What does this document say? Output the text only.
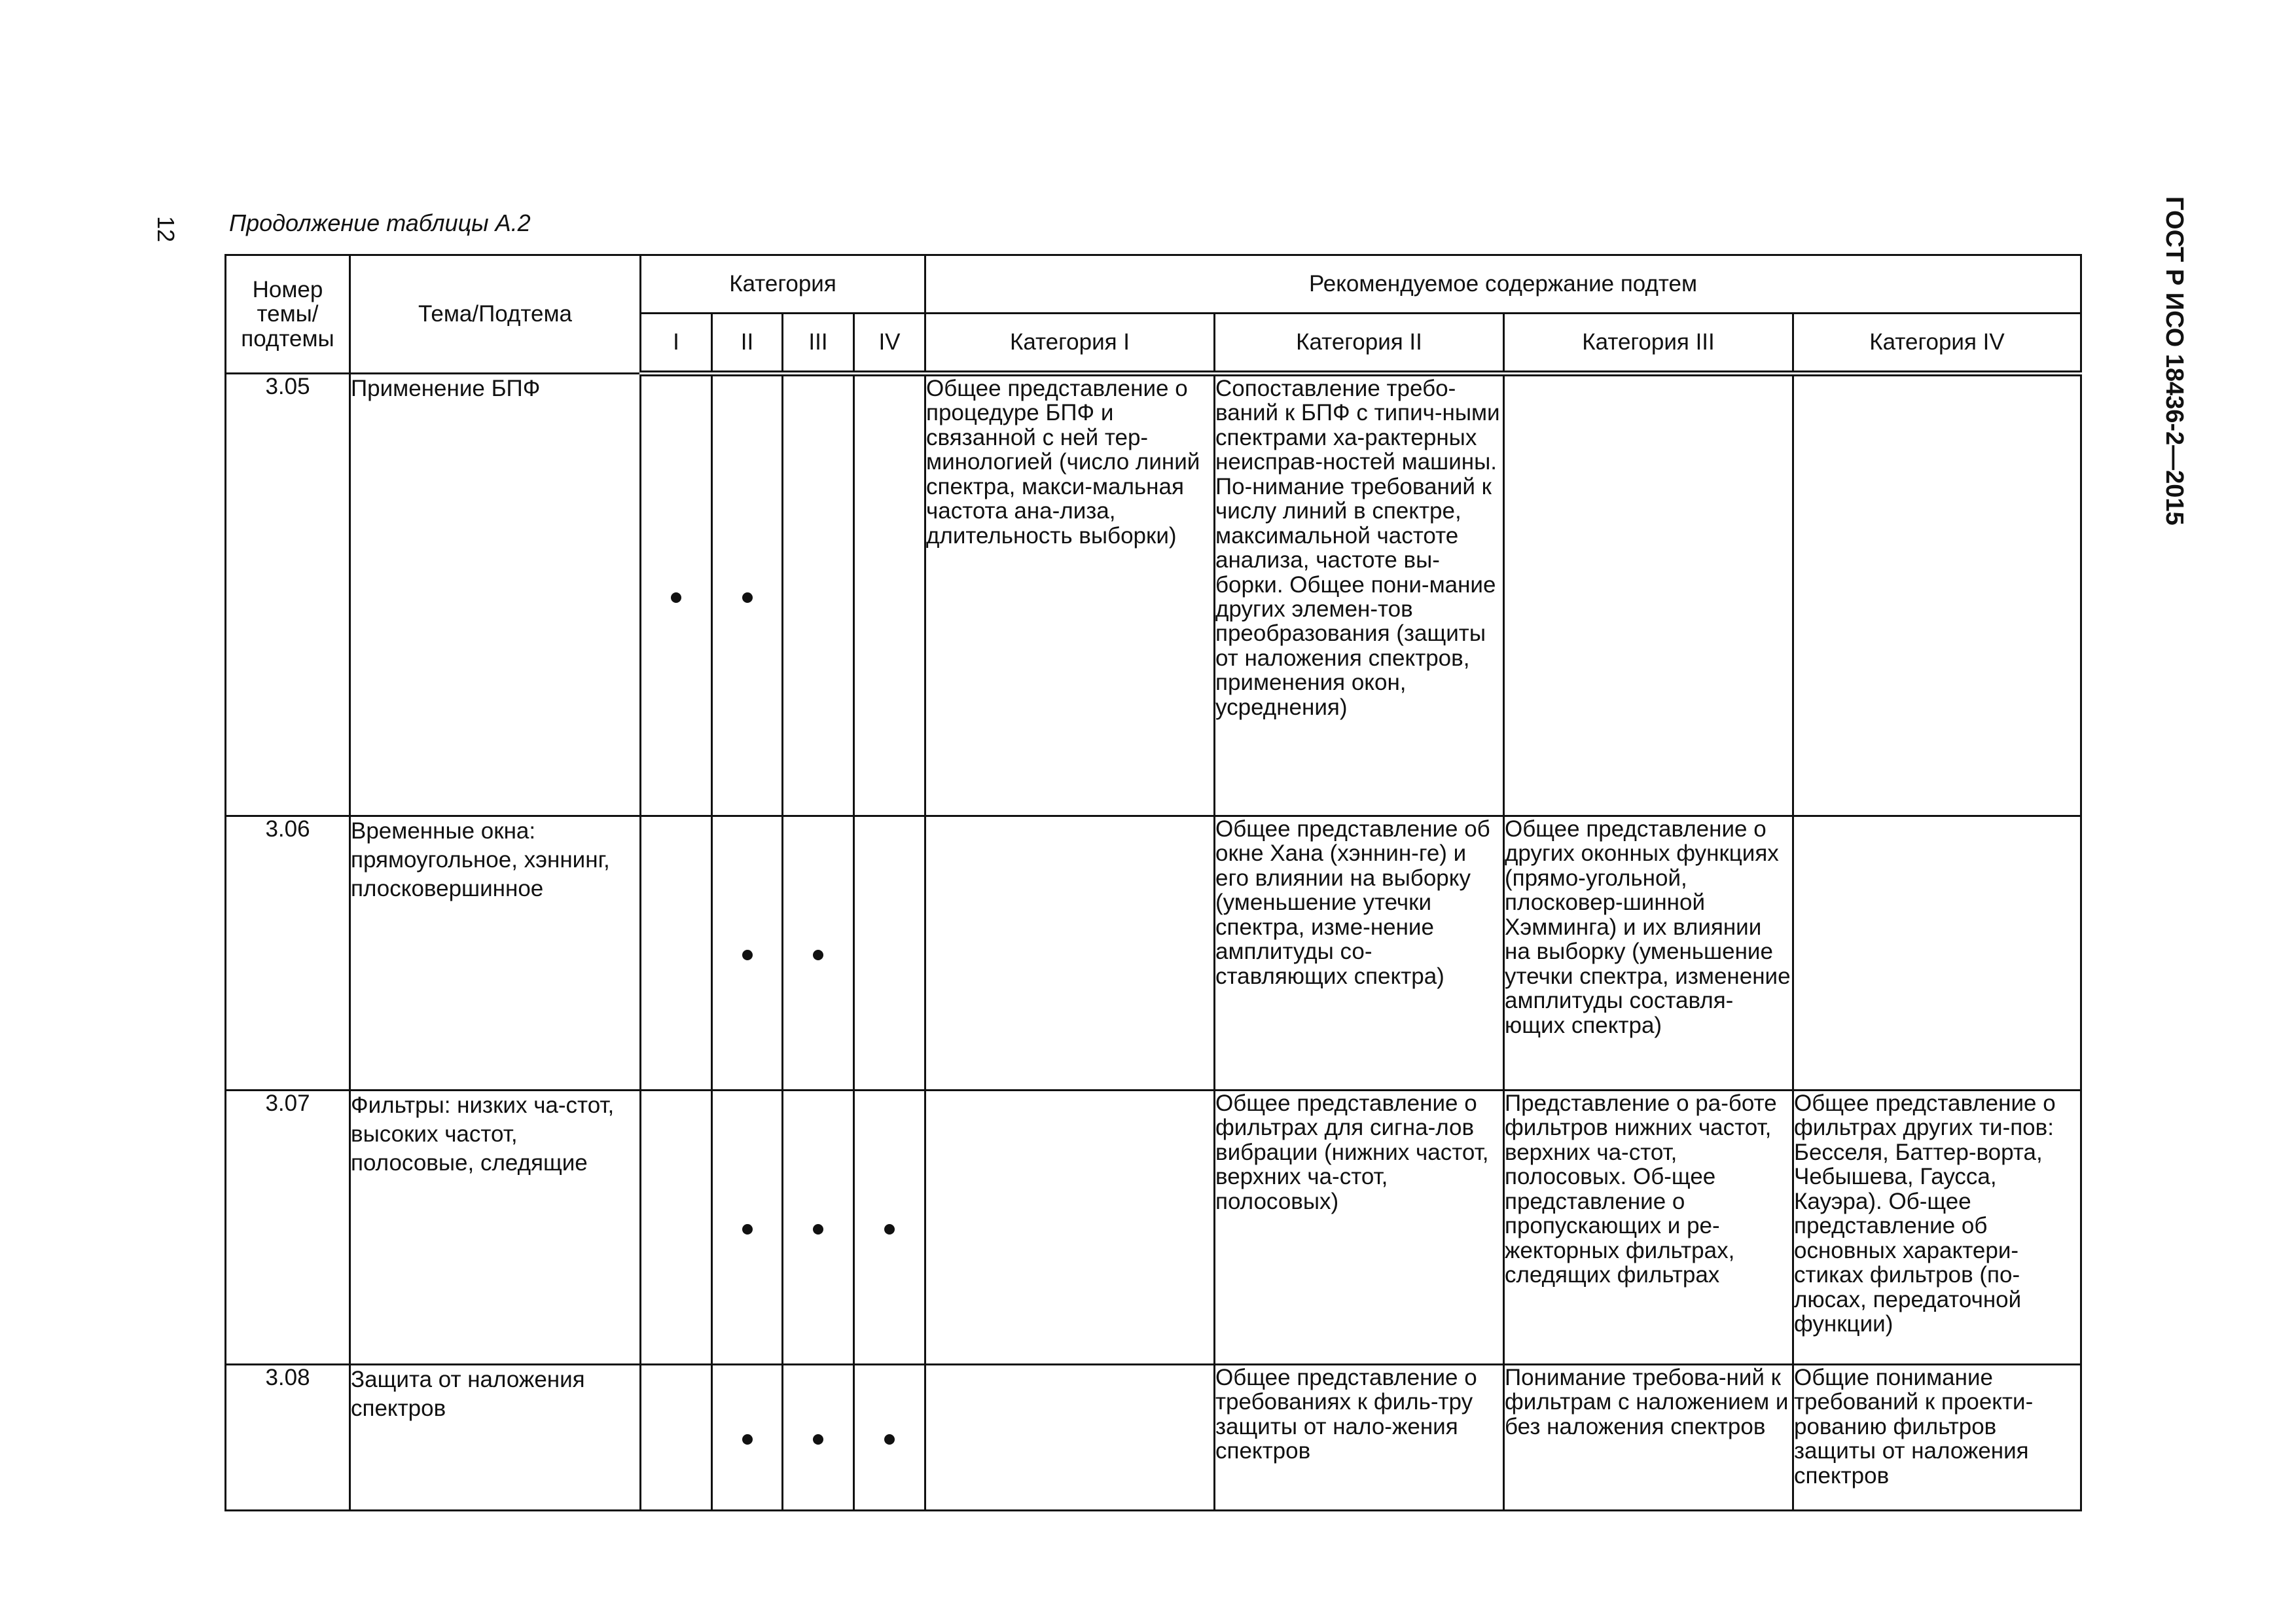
12	ГОСТ Р ИСО 18436-2—2015
Продолжение таблицы А.2
Номер темы/ подтемы	Тема/Подтема	Категория				Рекомендуемое содержание подтем			
		I	II	III	IV	Категория I	Категория II	Категория III	Категория IV
3.05	Применение БПФ					Общее представление о процедуре БПФ и связанной с ней тер-минологией (число линий спектра, макси-мальная частота ана-лиза, длительность выборки)	Сопоставление требо-ваний к БПФ с типич-ными спектрами ха-рактерных неисправ-ностей машины. По-нимание требований к числу линий в спектре, максимальной частоте анализа, частоте вы-борки. Общее пони-мание других элемен-тов преобразования (защиты от наложения спектров, применения окон, усреднения)		
3.06	Временные окна: прямоугольное, хэннинг, плосковершинное						Общее представление об окне Хана (хэннин-ге) и его влиянии на выборку (уменьшение утечки спектра, изме-нение амплитуды со-ставляющих спектра)	Общее представление о других оконных функциях (прямо-угольной, плосковер-шинной Хэмминга) и их влиянии на выборку (уменьшение утечки спектра, изменение амплитуды составля-ющих спектра)	
3.07	Фильтры: низких ча-стот, высоких частот, полосовые, следящие						Общее представление о фильтрах для сигна-лов вибрации (нижних частот, верхних ча-стот, полосовых)	Представление о ра-боте фильтров нижних частот, верхних ча-стот, полосовых. Об-щее представление о пропускающих и ре-жекторных фильтрах, следящих фильтрах	Общее представление о фильтрах других ти-пов: Бесселя, Баттер-ворта, Чебышева, Гаусса, Кауэра). Об-щее представление об основных характери-стиках фильтров (по-люсах, передаточной функции)
3.08	Защита от наложения спектров						Общее представление о требованиях к филь-тру защиты от нало-жения спектров	Понимание требова-ний к фильтрам с наложением и без наложения спектров	Общие понимание требований к проекти-рованию фильтров защиты от наложения спектров
